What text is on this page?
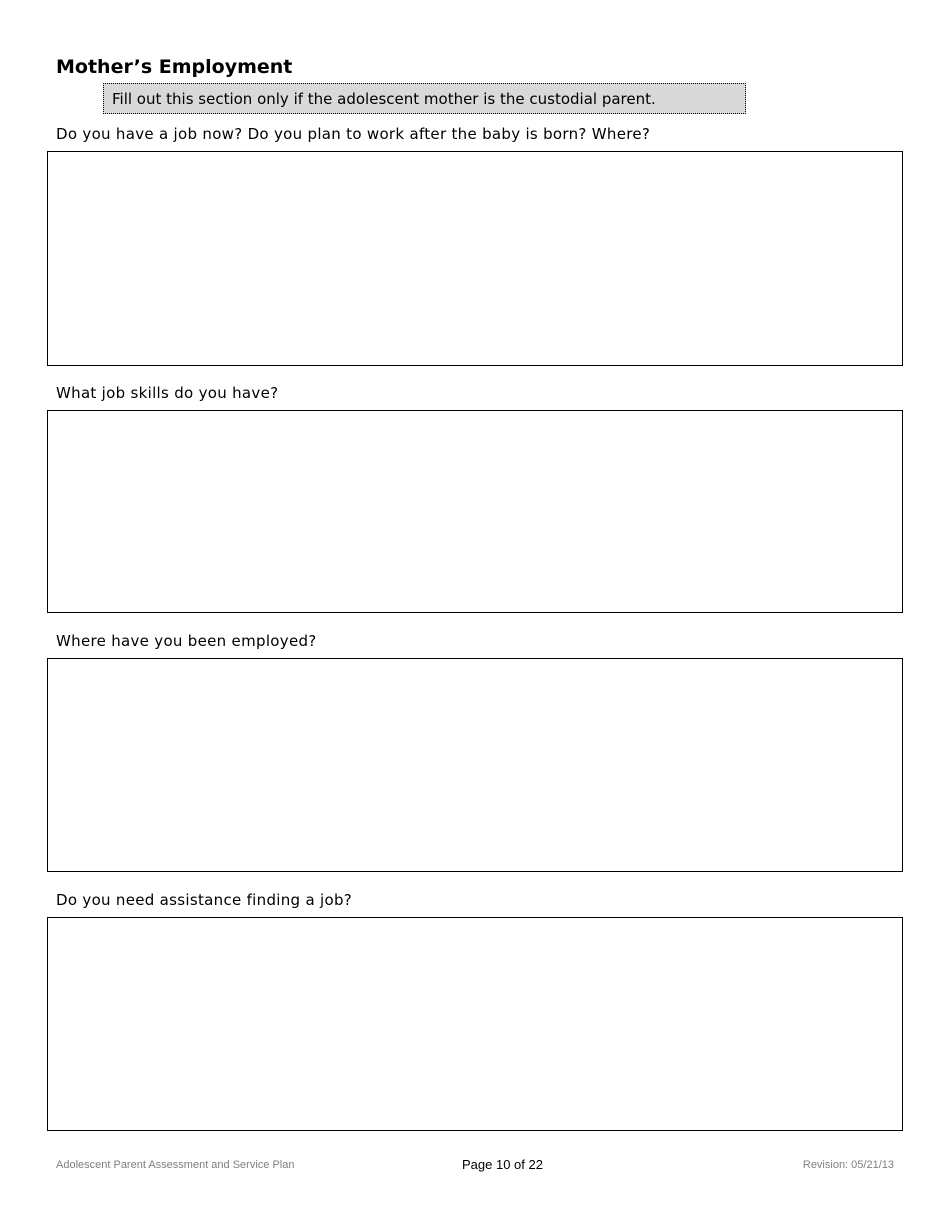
Mother’s Employment
Fill out this section only if the adolescent mother is the custodial parent.
Do you have a job now? Do you plan to work after the baby is born? Where?
What job skills do you have?
Where have you been employed?
Do you need assistance finding a job?
Adolescent Parent Assessment and Service Plan	Page 10 of 22	Revision: 05/21/13
